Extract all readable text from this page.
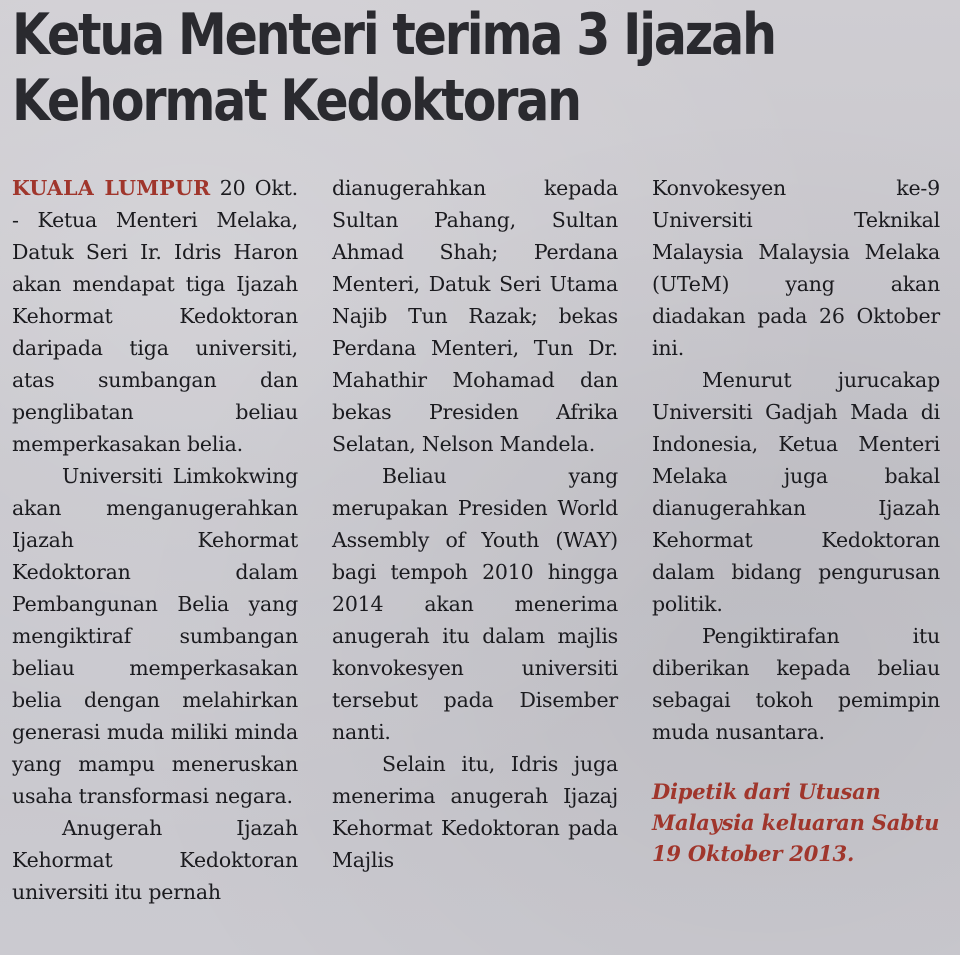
Ketua Menteri terima 3 Ijazah
Kehormat Kedoktoran

KUALA LUMPUR 20 Okt. - Ketua Menteri Melaka, Datuk Seri Ir. Idris Haron akan mendapat tiga Ijazah Kehormat Kedoktoran daripada tiga universiti, atas sumbangan dan penglibatan beliau memperkasakan belia.

Universiti Limkokwing akan menganugerahkan Ijazah Kehormat Kedoktoran dalam Pembangunan Belia yang mengiktiraf sumbangan beliau memperkasakan belia dengan melahirkan generasi muda miliki minda yang mampu meneruskan usaha transformasi negara.

Anugerah Ijazah Kehormat Kedoktoran universiti itu pernah

dianugerahkan kepada Sultan Pahang, Sultan Ahmad Shah; Perdana Menteri, Datuk Seri Utama Najib Tun Razak; bekas Perdana Menteri, Tun Dr. Mahathir Mohamad dan bekas Presiden Afrika Selatan, Nelson Mandela.

Beliau yang merupakan Presiden World Assembly of Youth (WAY) bagi tempoh 2010 hingga 2014 akan menerima anugerah itu dalam majlis konvokesyen universiti tersebut pada Disember nanti.

Selain itu, Idris juga menerima anugerah Ijazaj Kehormat Kedoktoran pada Majlis

Konvokesyen ke-9 Universiti Teknikal Malaysia Malaysia Melaka (UTeM) yang akan diadakan pada 26 Oktober ini.

Menurut jurucakap Universiti Gadjah Mada di Indonesia, Ketua Menteri Melaka juga bakal dianugerahkan Ijazah Kehormat Kedoktoran dalam bidang pengurusan politik.

Pengiktirafan itu diberikan kepada beliau sebagai tokoh pemimpin muda nusantara.

Dipetik dari Utusan Malaysia keluaran Sabtu 19 Oktober 2013.
